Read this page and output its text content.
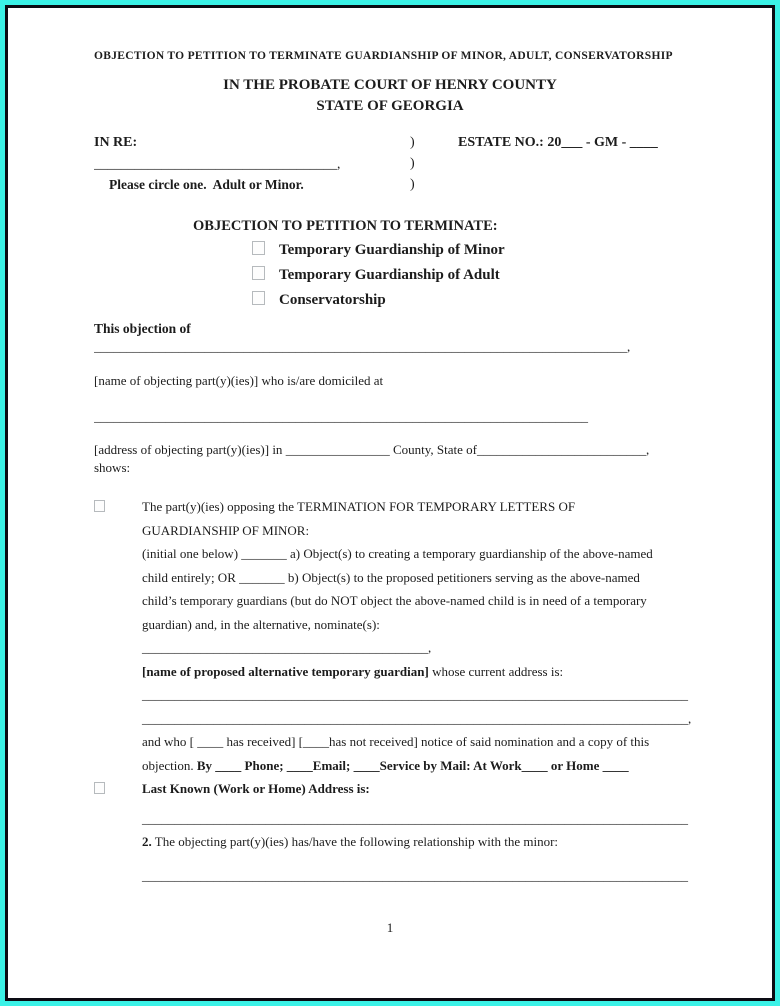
OBJECTION TO PETITION TO TERMINATE GUARDIANSHIP OF MINOR, ADULT, CONSERVATORSHIP
IN THE PROBATE COURT OF HENRY COUNTY
STATE OF GEORGIA
IN RE:
____________________________________,
Please circle one.  Adult or Minor.
)
)
)
ESTATE NO.: 20___ - GM - ____
OBJECTION TO PETITION TO TERMINATE:
Temporary Guardianship of Minor
Temporary Guardianship of Adult
Conservatorship
This objection of
__________________________________________________________________________________,
[name of objecting part(y)(ies)] who is/are domiciled at
____________________________________________________________________________
[address of objecting part(y)(ies)] in ________________ County, State of__________________________,
shows:
The part(y)(ies) opposing the TERMINATION FOR TEMPORARY LETTERS OF
GUARDIANSHIP OF MINOR:
(initial one below) _______ a) Object(s) to creating a temporary guardianship of the above-named
child entirely; OR _______ b) Object(s) to the proposed petitioners serving as the above-named
child’s temporary guardians (but do NOT object the above-named child is in need of a temporary
guardian) and, in the alternative, nominate(s):
____________________________________________,
[name of proposed alternative temporary guardian] whose current address is:
____________________________________________________________________________________
____________________________________________________________________________________,
and who [ ____ has received] [____has not received] notice of said nomination and a copy of this
objection. By ____ Phone; ____Email; ____Service by Mail: At Work____ or Home ____
Last Known (Work or Home) Address is:
____________________________________________________________________________________
2. The objecting part(y)(ies) has/have the following relationship with the minor:
____________________________________________________________________________________
1
